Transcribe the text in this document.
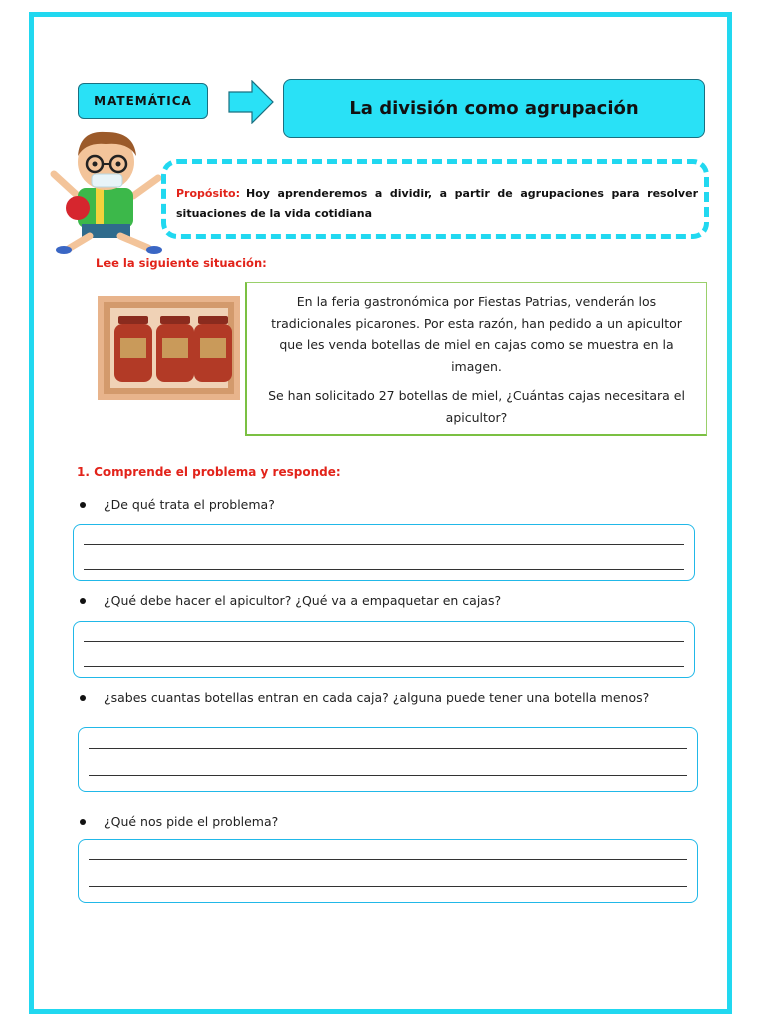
MATEMÁTICA	La división como agrupación
Propósito: Hoy aprenderemos a dividir, a partir de agrupaciones para resolver situaciones de la vida cotidiana
Lee la siguiente situación:

En la feria gastronómica por Fiestas Patrias, venderán los tradicionales picarones. Por esta razón, han pedido a un apicultor que les venda botellas de miel en cajas como se muestra en la imagen.

Se han solicitado 27 botellas de miel, ¿Cuántas cajas necesitara el apicultor?

1. Comprende el problema y responde:
¿De qué trata el problema?
¿Qué debe hacer el apicultor? ¿Qué va a empaquetar en cajas?
¿sabes cuantas botellas entran en cada caja? ¿alguna puede tener una botella menos?
¿Qué nos pide el problema?
